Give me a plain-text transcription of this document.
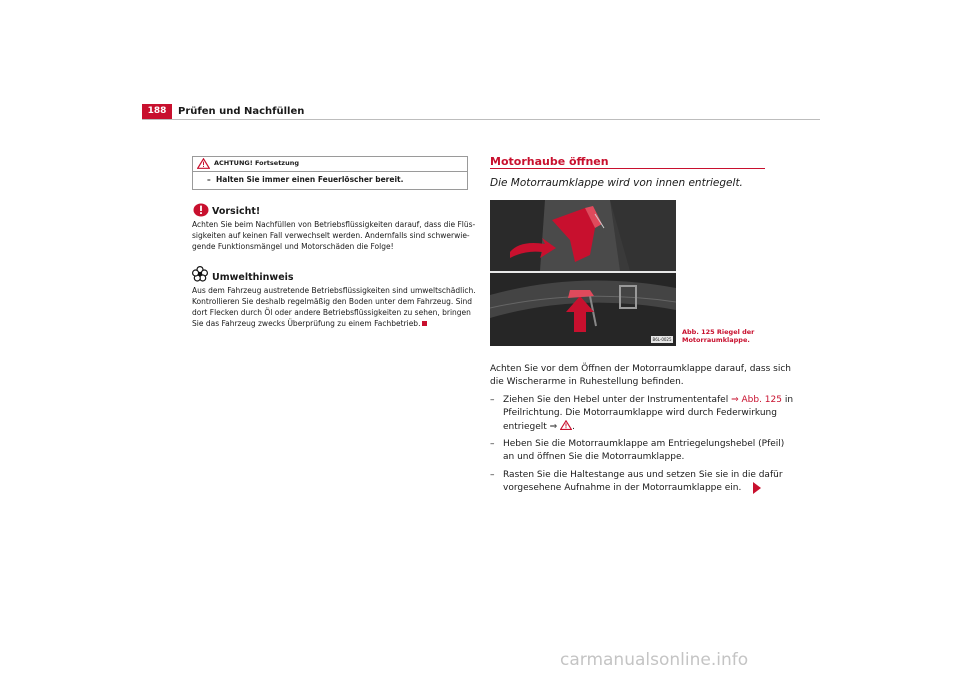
188	Prüfen und Nachfüllen
ACHTUNG! Fortsetzung
– Halten Sie immer einen Feuerlöscher bereit.
Vorsicht!
Achten Sie beim Nachfüllen von Betriebsflüssigkeiten darauf, dass die Flüs-
sigkeiten auf keinen Fall verwechselt werden. Andernfalls sind schwerwie-
gende Funktionsmängel und Motorschäden die Folge!
Umwelthinweis
Aus dem Fahrzeug austretende Betriebsflüssigkeiten sind umweltschädlich.
Kontrollieren Sie deshalb regelmäßig den Boden unter dem Fahrzeug. Sind
dort Flecken durch Öl oder andere Betriebsflüssigkeiten zu sehen, bringen
Sie das Fahrzeug zwecks Überprüfung zu einem Fachbetrieb.
Motorhaube öffnen
Die Motorraumklappe wird von innen entriegelt.
B6L-0025
Abb. 125 Riegel der
Motorraumklappe.
Achten Sie vor dem Öffnen der Motorraumklappe darauf, dass sich
die Wischerarme in Ruhestellung befinden.
– Ziehen Sie den Hebel unter der Instrumententafel ⇒ Abb. 125 in
Pfeilrichtung. Die Motorraumklappe wird durch Federwirkung
entriegelt ⇒ .
– Heben Sie die Motorraumklappe am Entriegelungshebel (Pfeil)
an und öffnen Sie die Motorraumklappe.
– Rasten Sie die Haltestange aus und setzen Sie sie in die dafür
vorgesehene Aufnahme in der Motorraumklappe ein.
carmanualsonline.info
